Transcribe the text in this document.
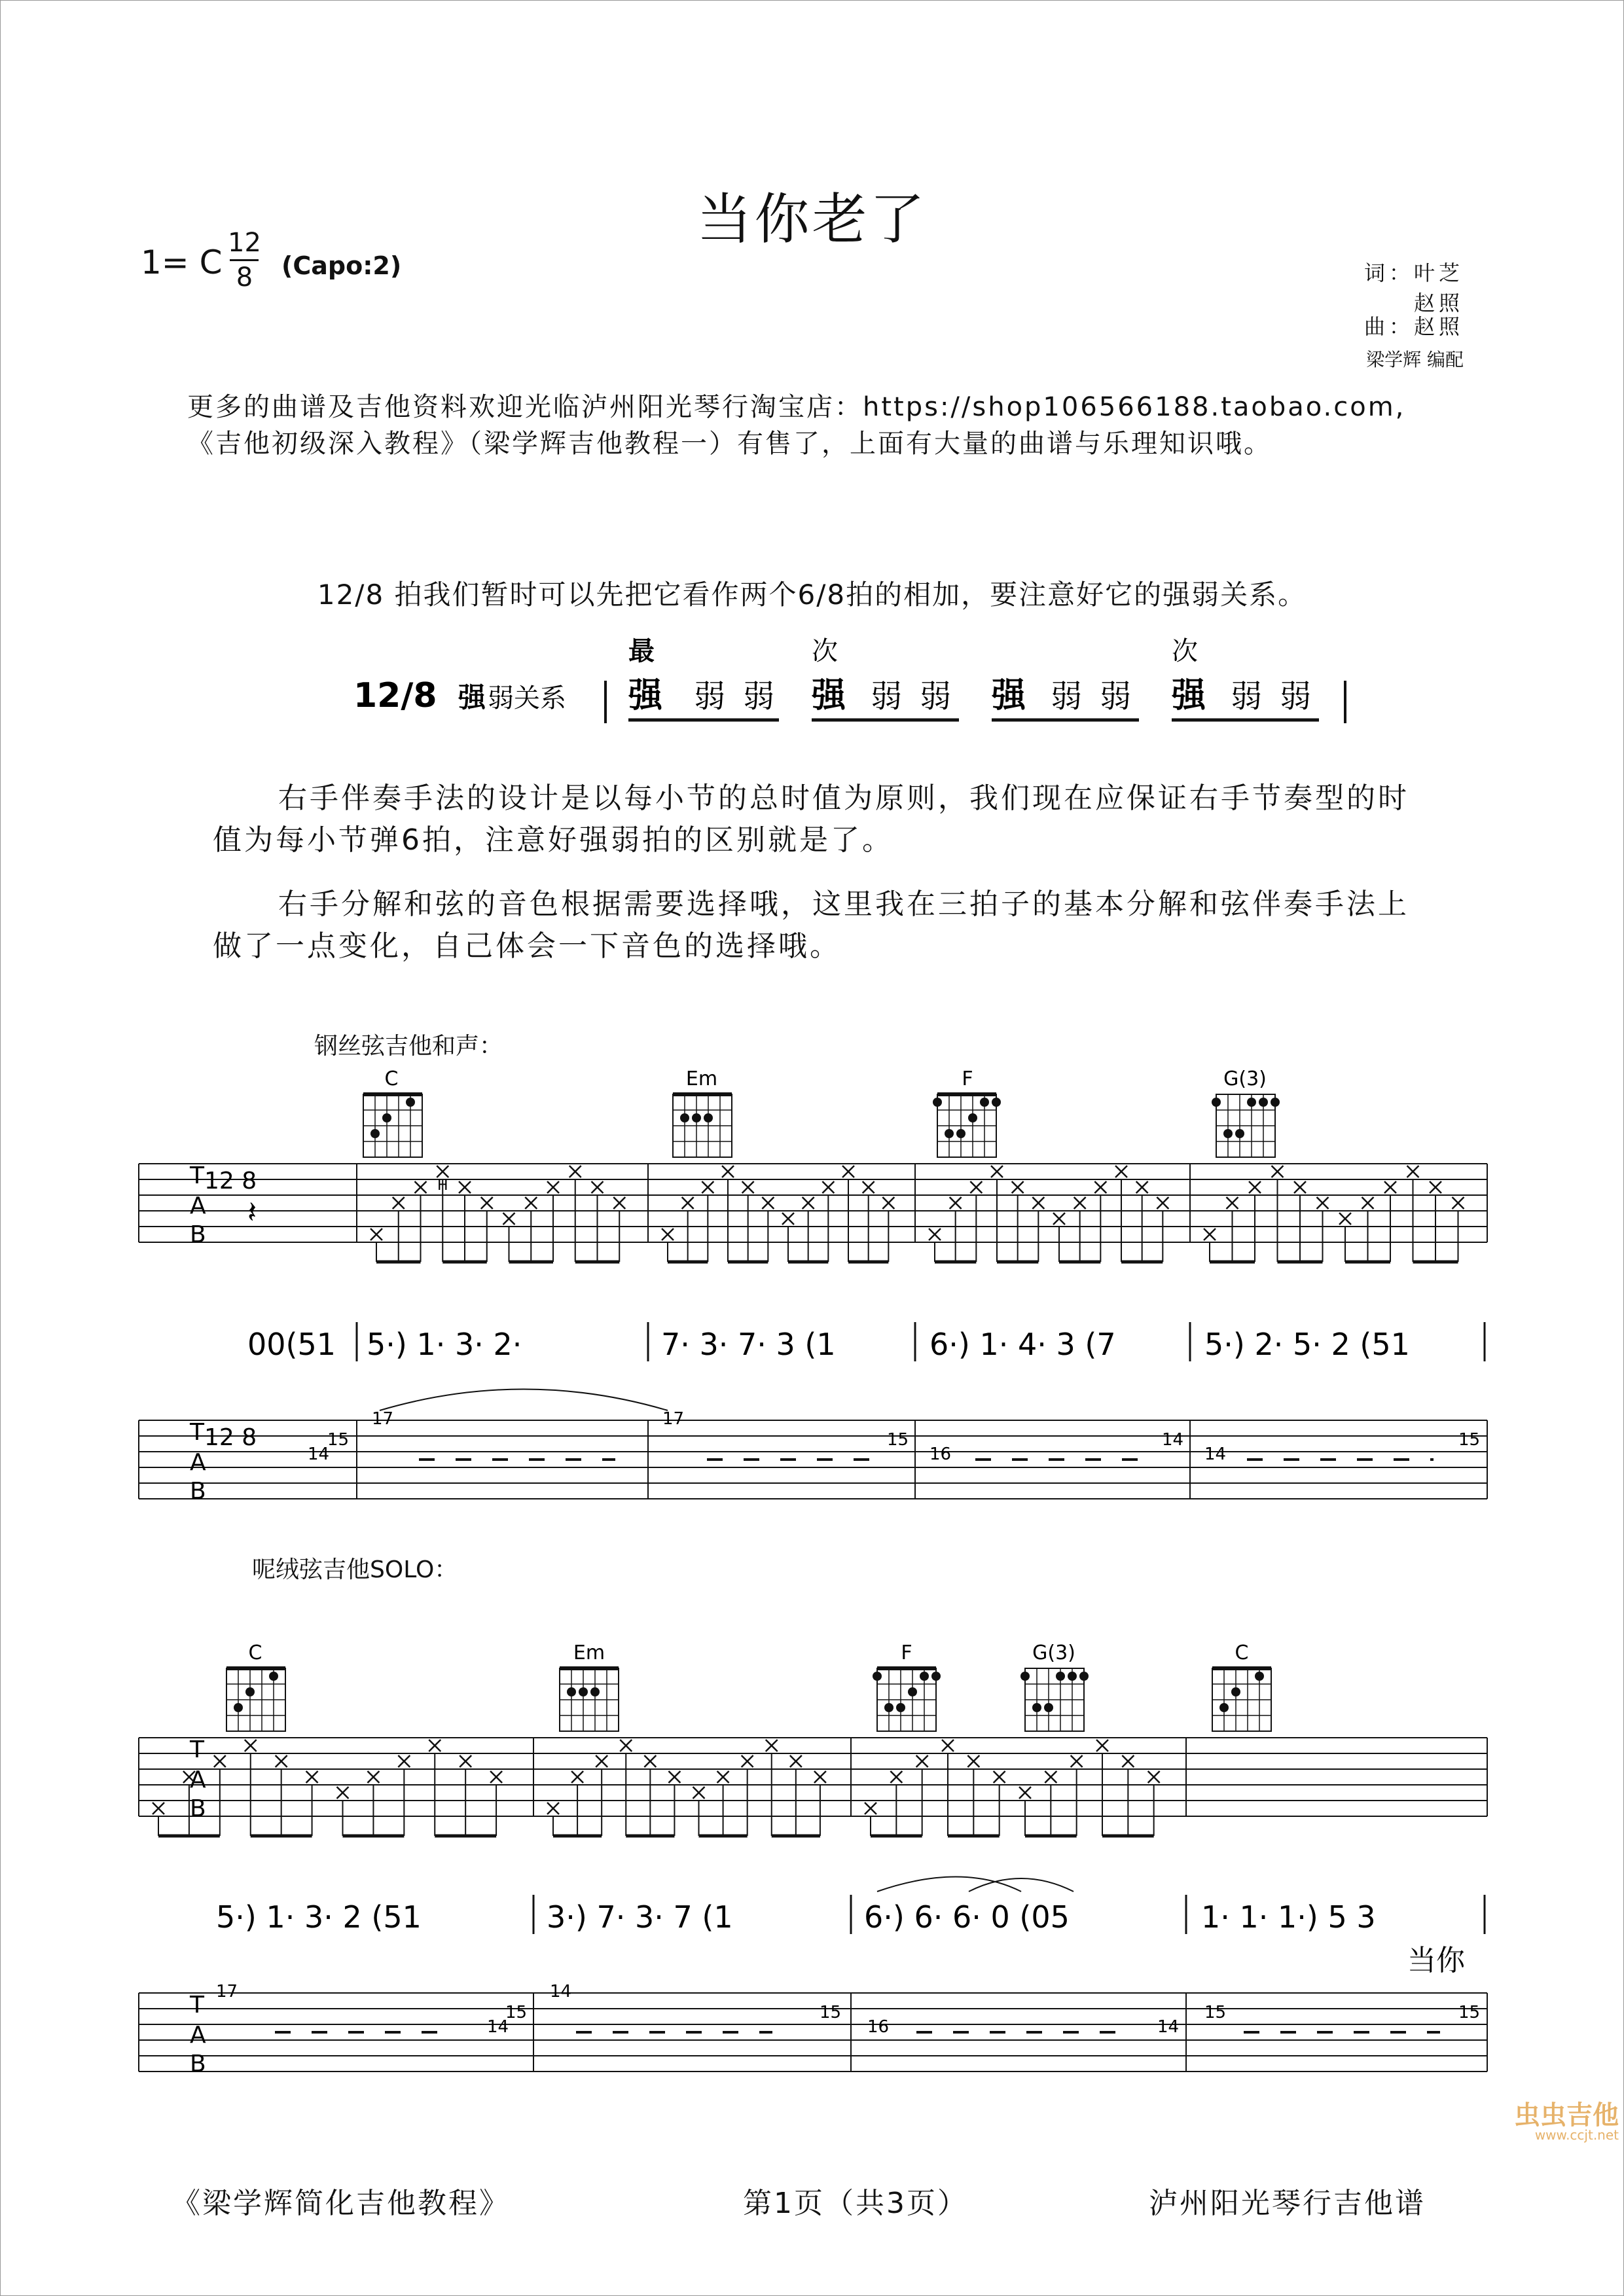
当你老了
1= C
12
8	(Capo:2)	词：叶芝
赵照
曲：赵照
梁学辉 编配
更多的曲谱及吉他资料欢迎光临泸州阳光琴行淘宝店：https://shop106566188.taobao.com,
《吉他初级深入教程》（梁学辉吉他教程一）有售了，上面有大量的曲谱与乐理知识哦。
12/8 拍我们暂时可以先把它看作两个6/8拍的相加，要注意好它的强弱关系。
12/8 强 弱关系
最
强 弱 弱
次
强 弱 弱 强 弱 弱
次
强 弱 弱
右手伴奏手法的设计是以每小节的总时值为原则，我们现在应保证右手节奏型的时值为每小节弹6拍，注意好强弱拍的区别就是了。
右手分解和弦的音色根据需要选择哦，这里我在三拍子的基本分解和弦伴奏手法上做了一点变化，自己体会一下音色的选择哦。
钢丝弦吉他和声：
呢绒弦吉他SOLO：
C	Em	F	G(3)
T
A
B
12 8	H
𝄽
00(51 5·) 1· 3· 2·	7· 3· 7· 3 (1	6·) 1· 4· 3 (7	5·) 2· 5· 2 (51
T
A
B
12 8
14
15
17	17
15
16
14
14
15
C	Em	F	G(3)	C
T
A
B
5·) 1· 3· 2 (51	3·) 7· 3· 7 (1	6·) 6· 6· 0 (05	1· 1· 1·) 5 3
当你
T
A
B
17	14
15
14
15
16	14
15	15
《梁学辉简化吉他教程》	第1页（共3页）	泸州阳光琴行吉他谱
虫虫吉他
www.ccjt.net
